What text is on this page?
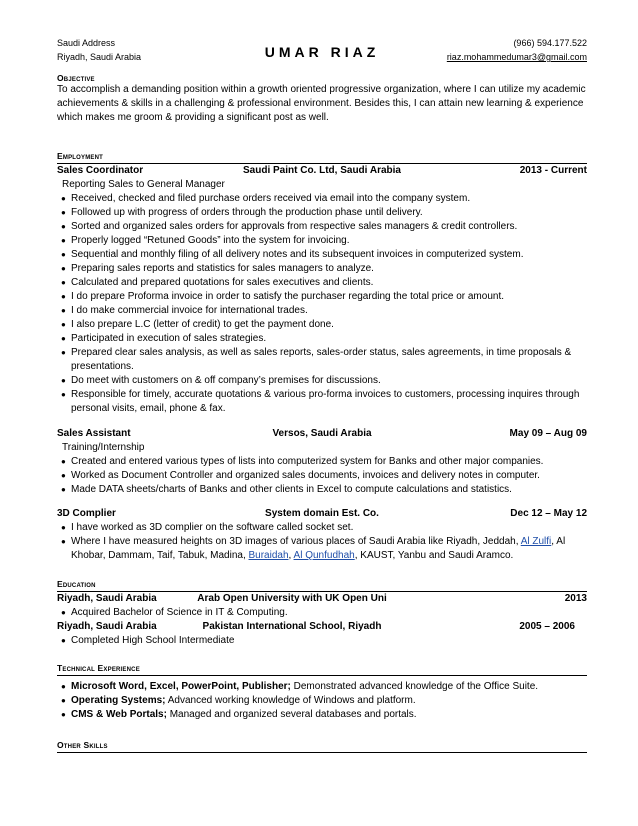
Saudi Address
Riyadh, Saudi Arabia	UMAR RIAZ
(966) 594.177.522
riaz.mohammedumar3@gmail.com
Objective
To accomplish a demanding position within a growth oriented progressive organization, where I can utilize my academic achievements & skills in a challenging & professional environment. Besides this, I can attain new learning & experience which makes me groom & providing a significant post as well.
Employment
Sales Coordinator	Saudi Paint Co. Ltd, Saudi Arabia	2013 - Current
Reporting Sales to General Manager
● Received, checked and filed purchase orders received via email into the company system.
● Followed up with progress of orders through the production phase until delivery.
● Sorted and organized sales orders for approvals from respective sales managers & credit controllers.
● Properly logged “Retuned Goods” into the system for invoicing.
● Sequential and monthly filing of all delivery notes and its subsequent invoices in computerized system.
● Preparing sales reports and statistics for sales managers to analyze.
● Calculated and prepared quotations for sales executives and clients.
● I do prepare Proforma invoice in order to satisfy the purchaser regarding the total price or amount.
● I do make commercial invoice for international trades.
● I also prepare L.C (letter of credit) to get the payment done.
● Participated in execution of sales strategies.
● Prepared clear sales analysis, as well as sales reports, sales-order status, sales agreements, in time proposals & presentations.
● Do meet with customers on & off company’s premises for discussions.
● Responsible for timely, accurate quotations & various pro-forma invoices to customers, processing inquires through personal visits, email, phone & fax.
Sales Assistant	Versos, Saudi Arabia	May 09 – Aug 09
Training/Internship
● Created and entered various types of lists into computerized system for Banks and other major companies.
● Worked as Document Controller and organized sales documents, invoices and delivery notes in computer.
● Made DATA sheets/charts of Banks and other clients in Excel to compute calculations and statistics.
3D Complier	System domain Est. Co.	Dec 12 – May 12
● I have worked as 3D complier on the software called socket set.
● Where I have measured heights on 3D images of various places of Saudi Arabia like Riyadh, Jeddah, Al Zulfi, Al Khobar, Dammam, Taif, Tabuk, Madina, Buraidah, Al Qunfudhah, KAUST, Yanbu and Saudi Aramco.
Education
Riyadh, Saudi Arabia	Arab Open University with UK Open Uni	2013
● Acquired Bachelor of Science in IT & Computing.
Riyadh, Saudi Arabia	Pakistan International School, Riyadh	2005 – 2006
● Completed High School Intermediate
Technical Experience
● Microsoft Word, Excel, PowerPoint, Publisher; Demonstrated advanced knowledge of the Office Suite.
● Operating Systems; Advanced working knowledge of Windows and platform.
● CMS & Web Portals; Managed and organized several databases and portals.
Other Skills
